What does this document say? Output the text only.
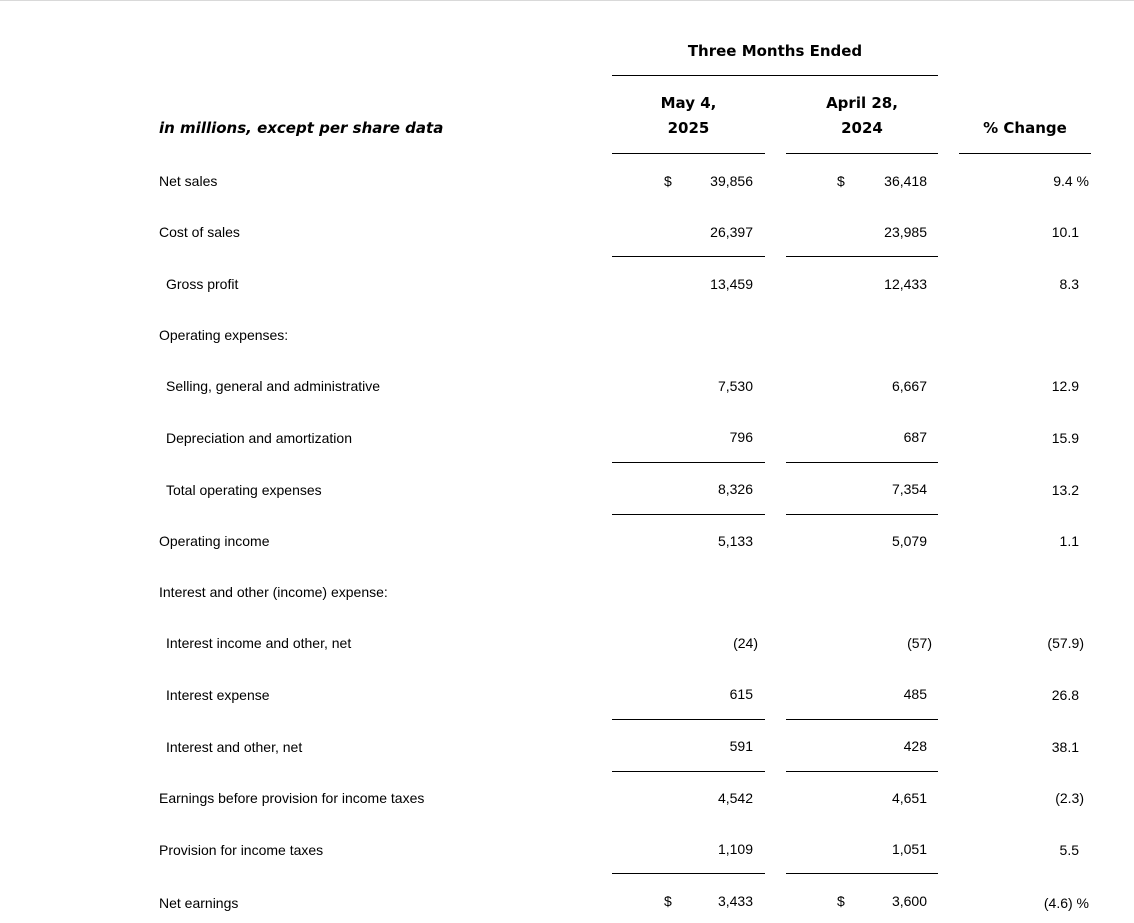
Three Months Ended
May 4,
2025
April 28,
2024	% Change
in millions, except per share data
Net sales	$	39,856	$	36,418	9.4 %
Cost of sales	26,397	23,985	10.1
Gross profit	13,459	12,433	8.3
Operating expenses:
Selling, general and administrative	7,530	6,667	12.9
Depreciation and amortization	796	687	15.9
Total operating expenses	8,326	7,354	13.2
Operating income	5,133	5,079	1.1
Interest and other (income) expense:
Interest income and other, net	(24)	(57)	(57.9)
Interest expense	615	485	26.8
Interest and other, net	591	428	38.1
Earnings before provision for income taxes	4,542	4,651	(2.3)
Provision for income taxes	1,109	1,051	5.5
Net earnings	$	3,433	$	3,600	(4.6) %
